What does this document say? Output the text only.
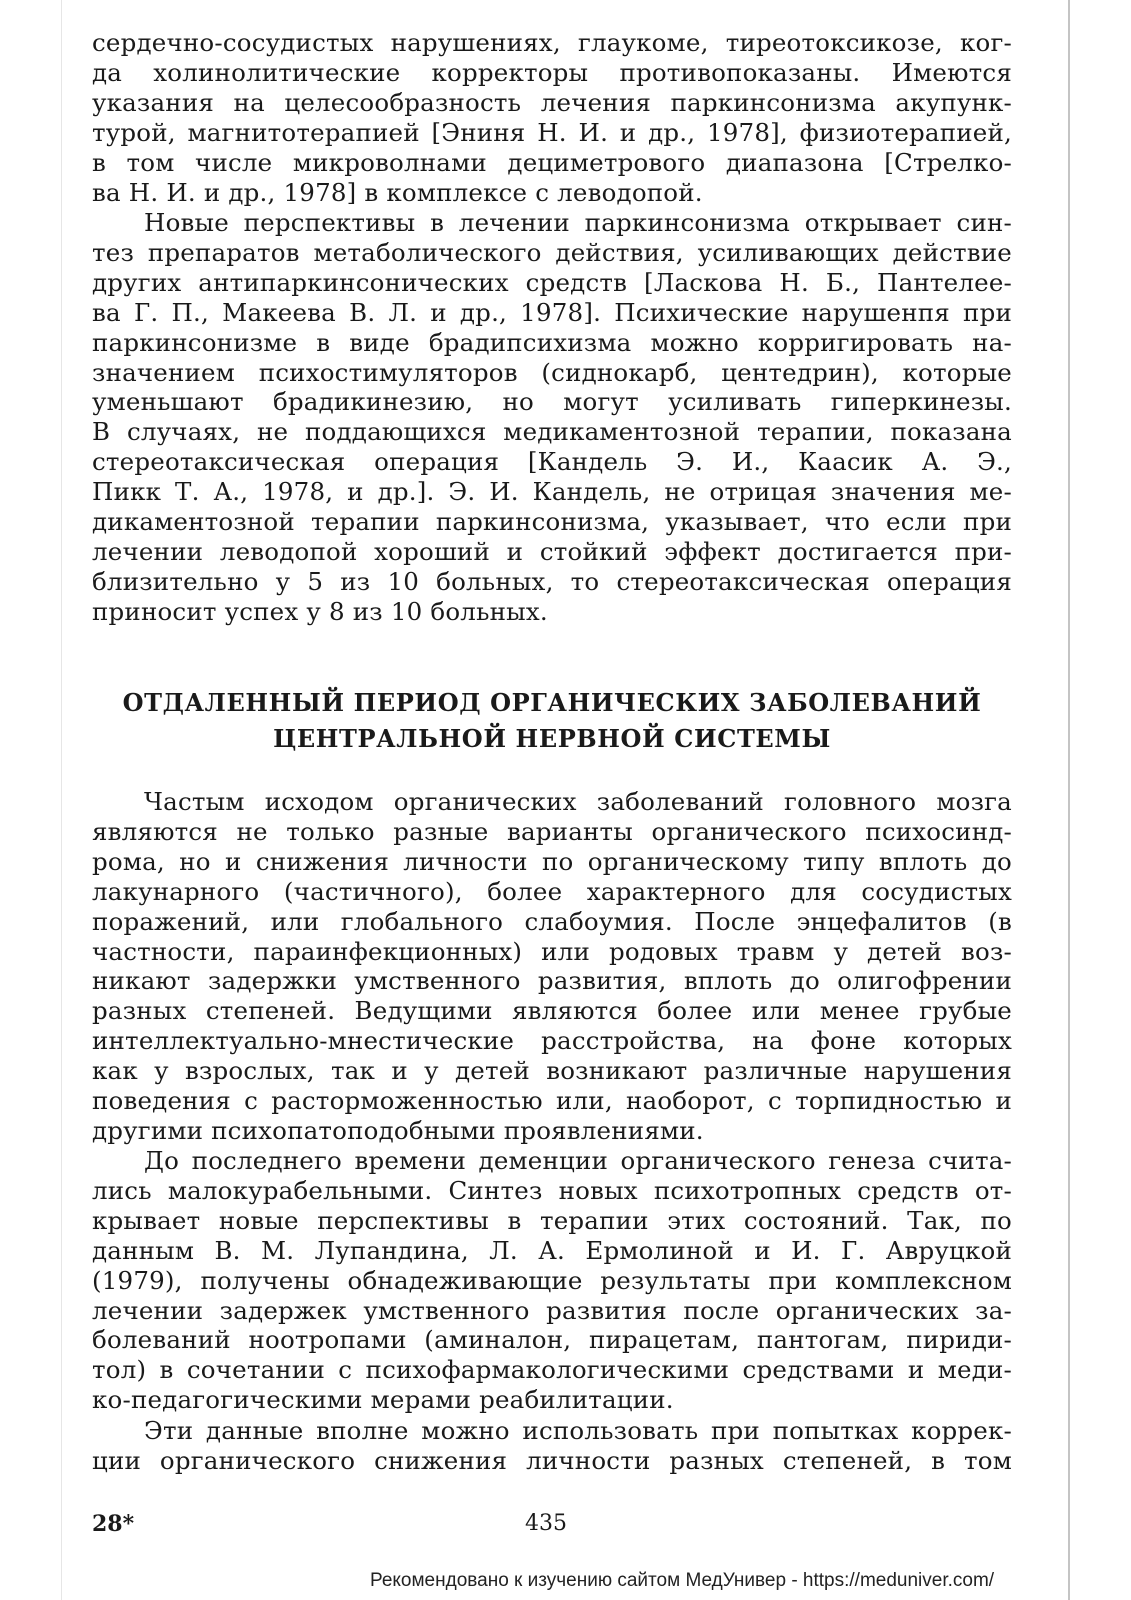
сердечно-сосудистых нарушениях, глаукоме, тиреотоксикозе, ког-
да холинолитические корректоры противопоказаны. Имеются
указания на целесообразность лечения паркинсонизма акупунк-
турой, магнитотерапией [Эниня Н. И. и др., 1978], физиотерапией,
в том числе микроволнами дециметрового диапазона [Стрелко-
ва Н. И. и др., 1978] в комплексе с леводопой.
Новые перспективы в лечении паркинсонизма открывает син-
тез препаратов метаболического действия, усиливающих действие
других антипаркинсонических средств [Ласкова Н. Б., Пантелее-
ва Г. П., Макеева В. Л. и др., 1978]. Психические нарушенпя при
паркинсонизме в виде брадипсихизма можно корригировать на-
значением психостимуляторов (сиднокарб, центедрин), которые
уменьшают брадикинезию, но могут усиливать гиперкинезы.
В случаях, не поддающихся медикаментозной терапии, показана
стереотаксическая операция [Кандель Э. И., Каасик А. Э.,
Пикк Т. А., 1978, и др.]. Э. И. Кандель, не отрицая значения ме-
дикаментозной терапии паркинсонизма, указывает, что если при
лечении леводопой хороший и стойкий эффект достигается при-
близительно у 5 из 10 больных, то стереотаксическая операция
приносит успех у 8 из 10 больных.
ОТДАЛЕННЫЙ ПЕРИОД ОРГАНИЧЕСКИХ ЗАБОЛЕВАНИЙ
ЦЕНТРАЛЬНОЙ НЕРВНОЙ СИСТЕМЫ
Частым исходом органических заболеваний головного мозга
являются не только разные варианты органического психосинд-
рома, но и снижения личности по органическому типу вплоть до
лакунарного (частичного), более характерного для сосудистых
поражений, или глобального слабоумия. После энцефалитов (в
частности, параинфекционных) или родовых травм у детей воз-
никают задержки умственного развития, вплоть до олигофрении
разных степеней. Ведущими являются более или менее грубые
интеллектуально-мнестические расстройства, на фоне которых
как у взрослых, так и у детей возникают различные нарушения
поведения с расторможенностью или, наоборот, с торпидностью и
другими психопатоподобными проявлениями.
До последнего времени деменции органического генеза счита-
лись малокурабельными. Синтез новых психотропных средств от-
крывает новые перспективы в терапии этих состояний. Так, по
данным В. М. Лупандина, Л. А. Ермолиной и И. Г. Авруцкой
(1979), получены обнадеживающие результаты при комплексном
лечении задержек умственного развития после органических за-
болеваний ноотропами (аминалон, пирацетам, пантогам, пириди-
тол) в сочетании с психофармакологическими средствами и меди-
ко-педагогическими мерами реабилитации.
Эти данные вполне можно использовать при попытках коррек-
ции органического снижения личности разных степеней, в том
28*	435
Рекомендовано к изучению сайтом МедУнивер - https://meduniver.com/
